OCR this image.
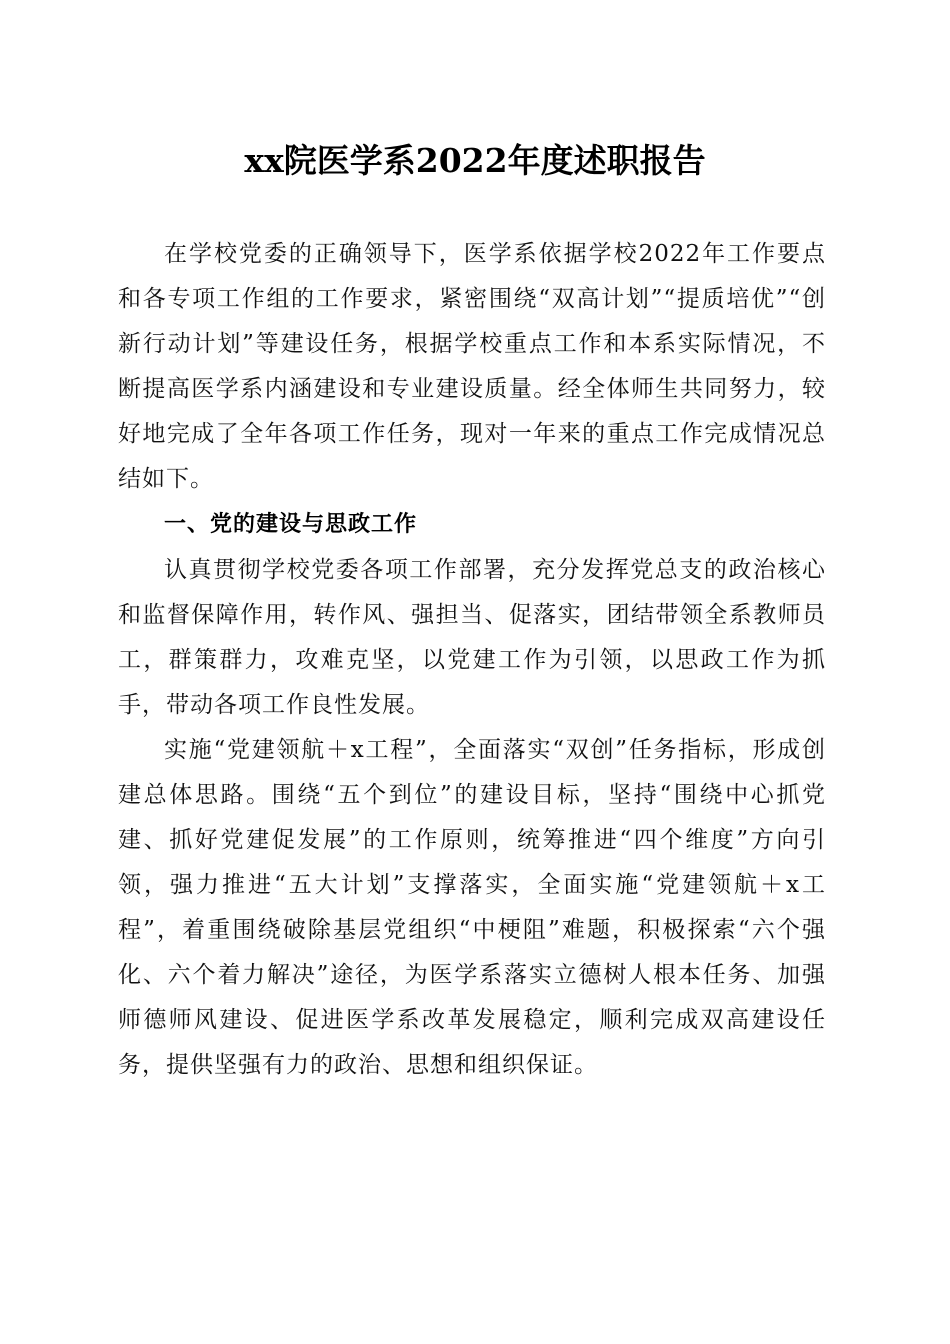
xx院医学系2022年度述职报告

在学校党委的正确领导下，医学系依据学校2022年工作要点和各专项工作组的工作要求，紧密围绕“双高计划”“提质培优”“创新行动计划”等建设任务，根据学校重点工作和本系实际情况，不断提高医学系内涵建设和专业建设质量。经全体师生共同努力，较好地完成了全年各项工作任务，现对一年来的重点工作完成情况总结如下。

一、党的建设与思政工作

认真贯彻学校党委各项工作部署，充分发挥党总支的政治核心和监督保障作用，转作风、强担当、促落实，团结带领全系教师员工，群策群力，攻难克坚，以党建工作为引领，以思政工作为抓手，带动各项工作良性发展。

实施“党建领航＋x工程”，全面落实“双创”任务指标，形成创建总体思路。围绕“五个到位”的建设目标，坚持“围绕中心抓党建、抓好党建促发展”的工作原则，统筹推进“四个维度”方向引领，强力推进“五大计划”支撑落实，全面实施“党建领航＋x工程”，着重围绕破除基层党组织“中梗阻”难题，积极探索“六个强化、六个着力解决”途径，为医学系落实立德树人根本任务、加强师德师风建设、促进医学系改革发展稳定，顺利完成双高建设任务，提供坚强有力的政治、思想和组织保证。
